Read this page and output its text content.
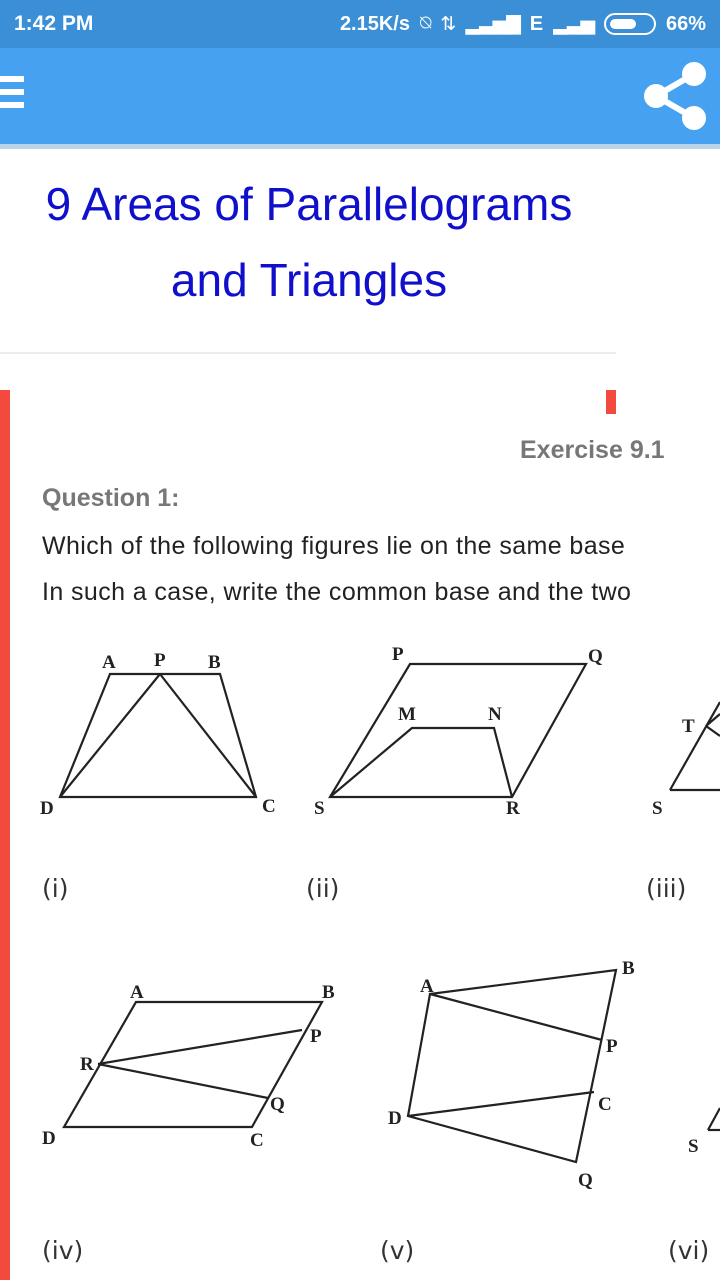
1:42 PM	2.15K/s ⍉ ⇅ ▂▃▅▇ E ▂▃▅	66%
9 Areas of Parallelograms
and Triangles
Exercise 9.1
Question 1:
Which of the following figures lie on the same base
In such a case, write the common base and the two
A P B
D	C
P	Q
M	N
S	R
T
S
(i)	(ii)	(iii)
A	B
P
R
Q
D	C
B
A
P
C
D
Q
S
(iv)	(v)	(vi)
